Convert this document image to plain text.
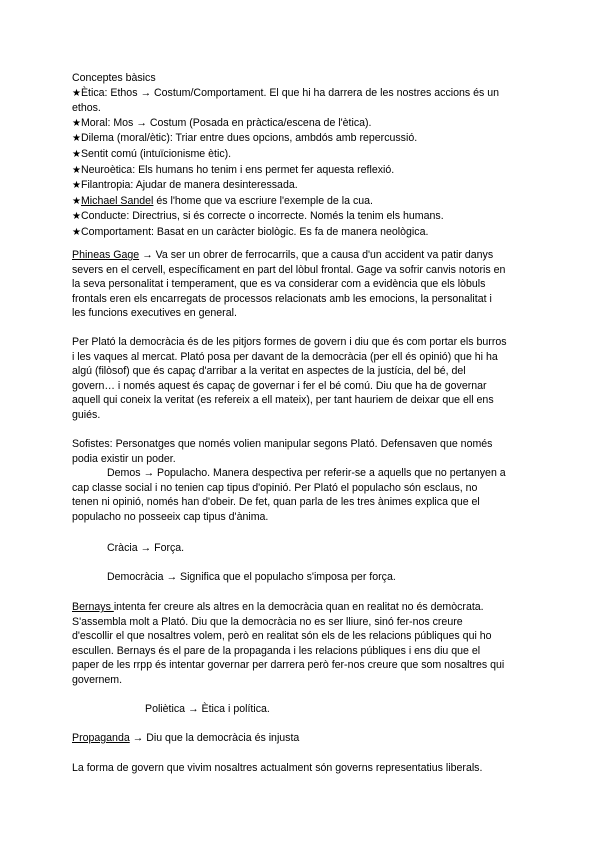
Conceptes bàsics
★Ètica: Ethos → Costum/Comportament. El que hi ha darrera de les nostres accions és un
ethos.
★Moral: Mos → Costum (Posada en pràctica/escena de l'ètica).
★Dilema (moral/ètic): Triar entre dues opcions, ambdós amb repercussió.
★Sentit comú (intuïcionisme ètic).
★Neuroètica: Els humans ho tenim i ens permet fer aquesta reflexió.
★Filantropia: Ajudar de manera desinteressada.
★Michael Sandel és l'home que va escriure l'exemple de la cua.
★Conducte: Directrius, si és correcte o incorrecte. Només la tenim els humans.
★Comportament: Basat en un caràcter biològic. Es fa de manera neològica.
Phineas Gage → Va ser un obrer de ferrocarrils, que a causa d'un accident va patir danys
severs en el cervell, específicament en part del lòbul frontal. Gage va sofrir canvis notoris en
la seva personalitat i temperament, que es va considerar com a evidència que els lòbuls
frontals eren els encarregats de processos relacionats amb les emocions, la personalitat i
les funcions executives en general.
Per Plató la democràcia és de les pitjors formes de govern i diu que és com portar els burros
i les vaques al mercat. Plató posa per davant de la democràcia (per ell és opinió) que hi ha
algú (filòsof) que és capaç d'arribar a la veritat en aspectes de la justícia, del bé, del
govern… i només aquest és capaç de governar i fer el bé comú. Diu que ha de governar
aquell qui coneix la veritat (es refereix a ell mateix), per tant hauriem de deixar que ell ens
guiés.
Sofistes: Personatges que només volien manipular segons Plató. Defensaven que només
podia existir un poder.
Demos → Populacho. Manera despectiva per referir-se a aquells que no pertanyen a
cap classe social i no tenien cap tipus d'opinió. Per Plató el populacho són esclaus, no
tenen ni opinió, només han d'obeir. De fet, quan parla de les tres ànimes explica que el
populacho no posseeix cap tipus d'ànima.
Cràcia → Força.
Democràcia → Significa que el populacho s'imposa per força.
Bernays intenta fer creure als altres en la democràcia quan en realitat no és demòcrata.
S'assembla molt a Plató. Diu que la democràcia no es ser lliure, sinó fer-nos creure
d'escollir el que nosaltres volem, però en realitat són els de les relacions públiques qui ho
escullen. Bernays és el pare de la propaganda i les relacions públiques i ens diu que el
paper de les rrpp és intentar governar per darrera però fer-nos creure que som nosaltres qui
governem.
Polièt​ica → Ètica i política.
Propaganda → Diu que la democràcia és injusta
La forma de govern que vivim nosaltres actualment són governs representatius liberals.
